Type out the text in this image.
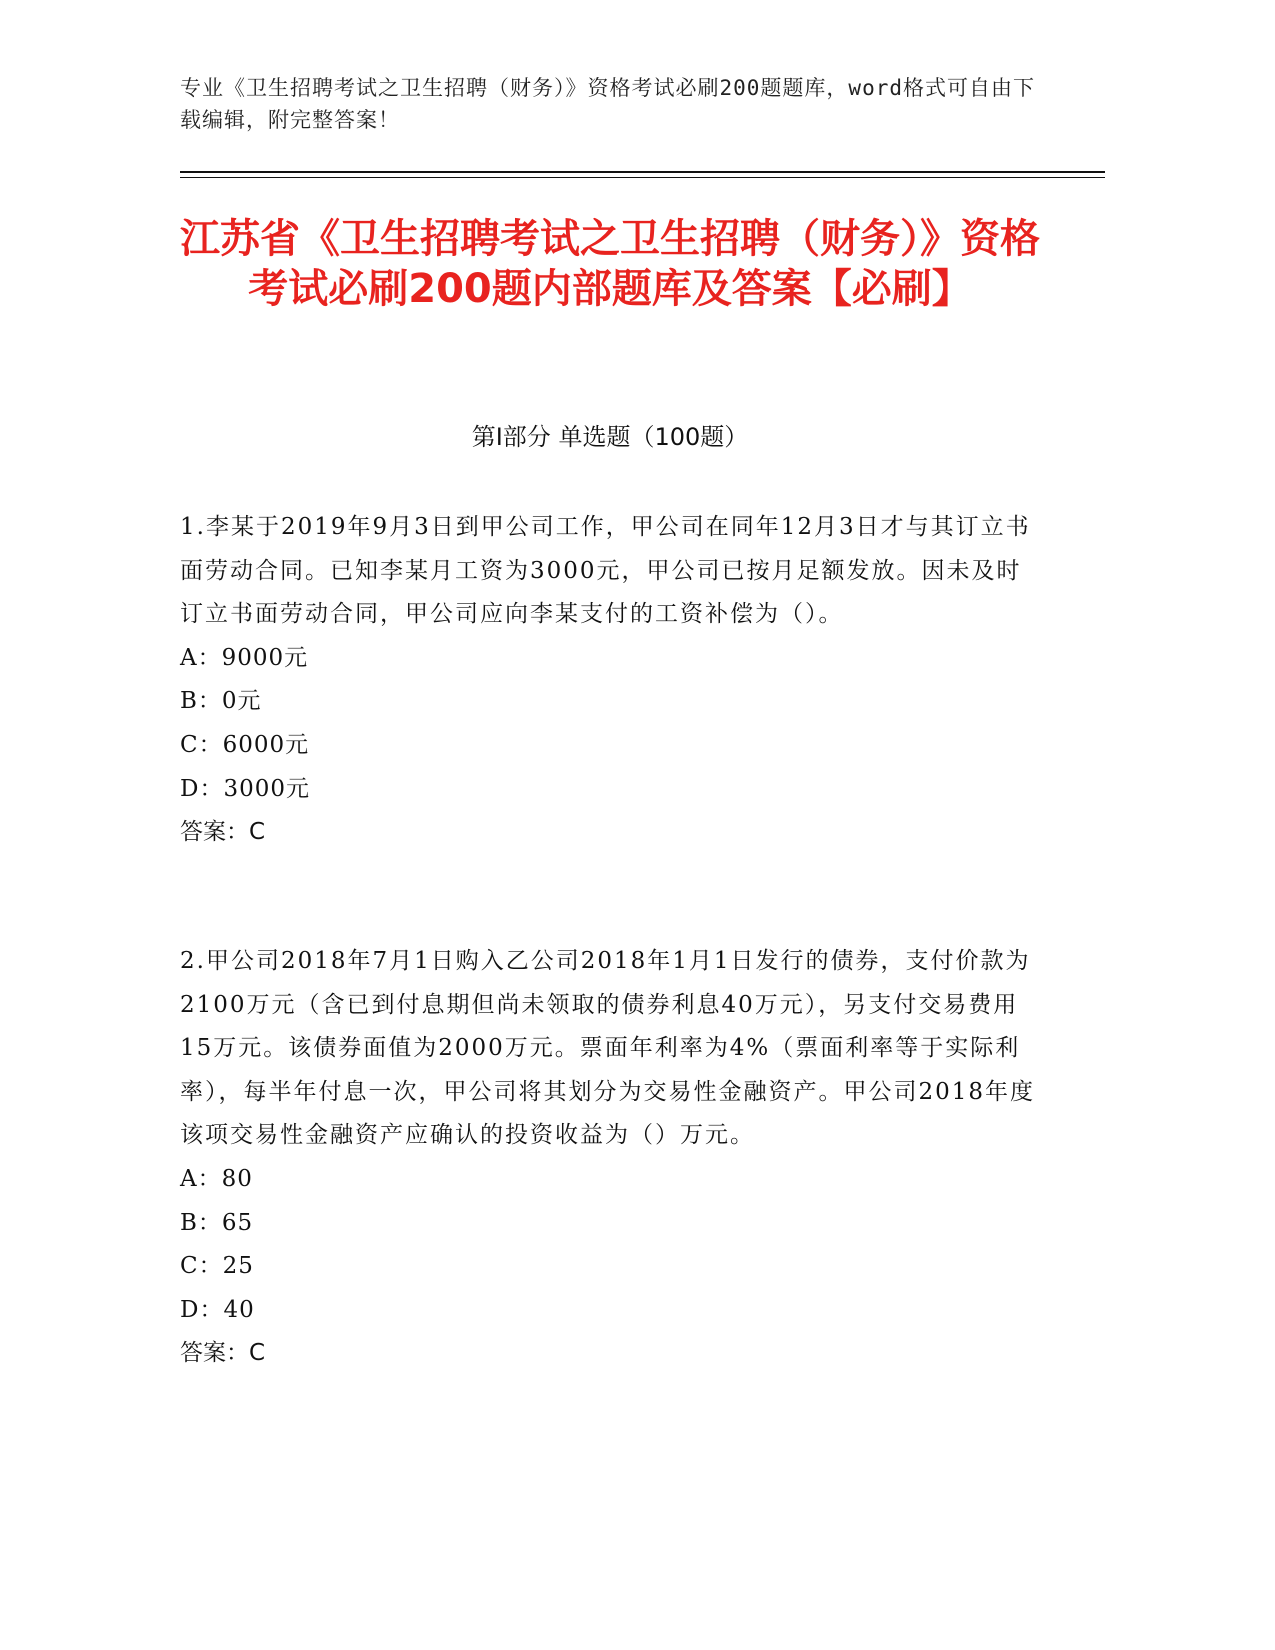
专业《卫生招聘考试之卫生招聘（财务）》资格考试必刷200题题库，word格式可自由下载编辑，附完整答案！
江苏省《卫生招聘考试之卫生招聘（财务）》资格考试必刷200题内部题库及答案【必刷】
第I部分 单选题（100题）

1.李某于2019年9月3日到甲公司工作，甲公司在同年12月3日才与其订立书面劳动合同。已知李某月工资为3000元，甲公司已按月足额发放。因未及时订立书面劳动合同，甲公司应向李某支付的工资补偿为（）。

A：9000元

B：0元

C：6000元

D：3000元

答案：C

2.甲公司2018年7月1日购入乙公司2018年1月1日发行的债券，支付价款为2100万元（含已到付息期但尚未领取的债券利息40万元），另支付交易费用15万元。该债券面值为2000万元。票面年利率为4%（票面利率等于实际利率），每半年付息一次，甲公司将其划分为交易性金融资产。甲公司2018年度该项交易性金融资产应确认的投资收益为（）万元。

A：80

B：65

C：25

D：40

答案：C
